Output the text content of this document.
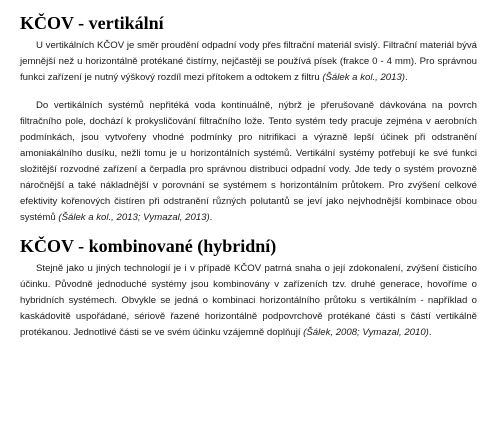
KČOV - vertikální

U vertikálních KČOV je směr proudění odpadní vody přes filtrační materiál svislý. Filtrační materiál bývá jemnější než u horizontálně protékané čistírny, nejčastěji se používá písek (frakce 0 - 4 mm). Pro správnou funkci zařízení je nutný výškový rozdíl mezi přítokem a odtokem z filtru (Šálek a kol., 2013).

Do vertikálních systémů nepřitéká voda kontinuálně, nýbrž je přerušovaně dávkována na povrch filtračního pole, dochází k prokysličování filtračního lože. Tento systém tedy pracuje zejména v aerobních podmínkách, jsou vytvořeny vhodné podmínky pro nitrifikaci a výrazně lepší účinek při odstranění amoniakálního dusíku, nežli tomu je u horizontálních systémů. Vertikální systémy potřebují ke své funkci složitější rozvodné zařízení a čerpadla pro správnou distribuci odpadní vody. Jde tedy o systém provozně náročnější a také nákladnější v porovnání se systémem s horizontálním průtokem. Pro zvýšení celkové efektivity kořenových čistíren při odstranění různých polutantů se jeví jako nejvhodnější kombinace obou systémů (Šálek a kol., 2013; Vymazal, 2013).

KČOV - kombinované (hybridní)

Stejně jako u jiných technologií je i v případě KČOV patrná snaha o její zdokonalení, zvýšení čisticího účinku. Původně jednoduché systémy jsou kombinovány v zařízeních tzv. druhé generace, hovoříme o hybridních systémech. Obvykle se jedná o kombinaci horizontálního průtoku s vertikálním - například o kaskádovitě uspořádané, sériově řazené horizontálně podpovrchově protékané části s částí vertikálně protékanou. Jednotlivé části se ve svém účinku vzájemně doplňují (Šálek, 2008; Vymazal, 2010).
